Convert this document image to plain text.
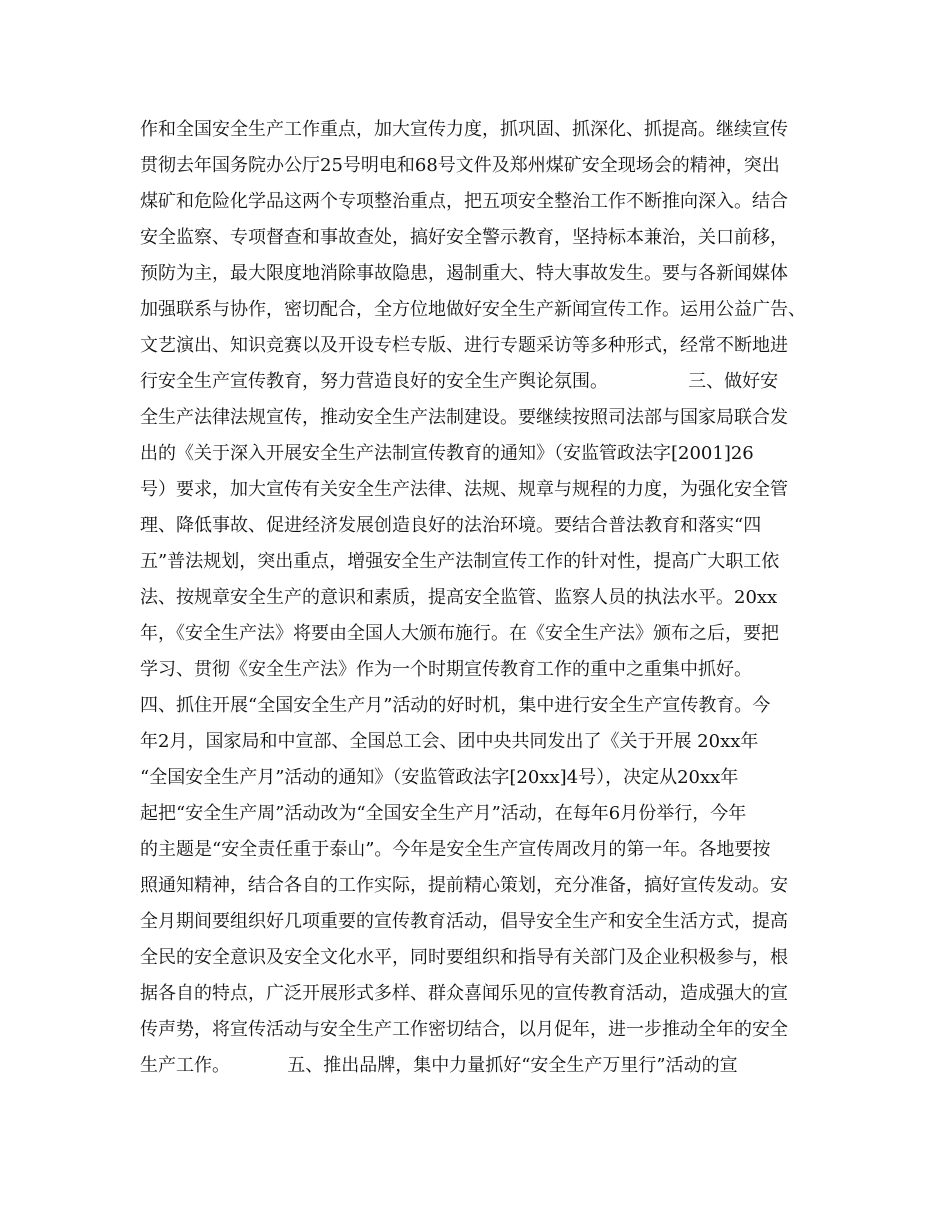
作和全国安全生产工作重点，加大宣传力度，抓巩固、抓深化、抓提高。继续宣传
贯彻去年国务院办公厅25号明电和68号文件及郑州煤矿安全现场会的精神，突出
煤矿和危险化学品这两个专项整治重点，把五项安全整治工作不断推向深入。结合
安全监察、专项督查和事故查处，搞好安全警示教育，坚持标本兼治，关口前移，
预防为主，最大限度地消除事故隐患，遏制重大、特大事故发生。要与各新闻媒体
加强联系与协作，密切配合，全方位地做好安全生产新闻宣传工作。运用公益广告、
文艺演出、知识竞赛以及开设专栏专版、进行专题采访等多种形式，经常不断地进
行安全生产宣传教育，努力营造良好的安全生产舆论氛围。              三、做好安
全生产法律法规宣传，推动安全生产法制建设。要继续按照司法部与国家局联合发
出的《关于深入开展安全生产法制宣传教育的通知》（安监管政法字[2001]26
号）要求，加大宣传有关安全生产法律、法规、规章与规程的力度，为强化安全管
理、降低事故、促进经济发展创造良好的法治环境。要结合普法教育和落实“四
五”普法规划，突出重点，增强安全生产法制宣传工作的针对性，提高广大职工依
法、按规章安全生产的意识和素质，提高安全监管、监察人员的执法水平。20xx
年，《安全生产法》将要由全国人大颁布施行。在《安全生产法》颁布之后，要把
学习、贯彻《安全生产法》作为一个时期宣传教育工作的重中之重集中抓好。
四、抓住开展“全国安全生产月”活动的好时机，集中进行安全生产宣传教育。今
年2月，国家局和中宣部、全国总工会、团中央共同发出了《关于开展 20xx年
“全国安全生产月”活动的通知》（安监管政法字[20xx]4号），决定从20xx年
起把“安全生产周”活动改为“全国安全生产月”活动，在每年6月份举行，今年
的主题是“安全责任重于泰山”。今年是安全生产宣传周改月的第一年。各地要按
照通知精神，结合各自的工作实际，提前精心策划，充分准备，搞好宣传发动。安
全月期间要组织好几项重要的宣传教育活动，倡导安全生产和安全生活方式，提高
全民的安全意识及安全文化水平，同时要组织和指导有关部门及企业积极参与，根
据各自的特点，广泛开展形式多样、群众喜闻乐见的宣传教育活动，造成强大的宣
传声势，将宣传活动与安全生产工作密切结合，以月促年，进一步推动全年的安全
生产工作。          五、推出品牌，集中力量抓好“安全生产万里行”活动的宣
